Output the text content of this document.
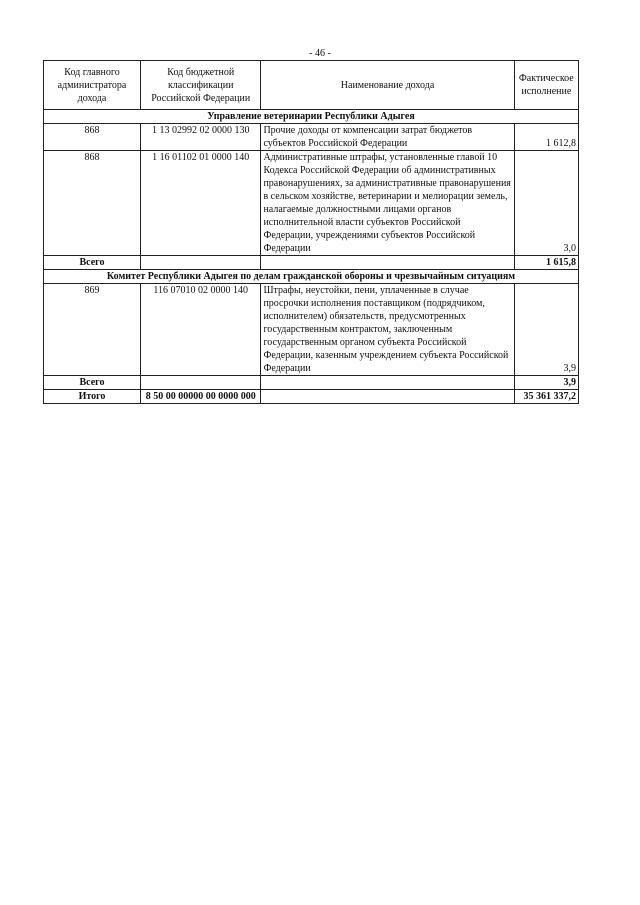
- 46 -
Код главного администратора дохода	Код бюджетной классификации Российской Федерации	Наименование дохода	Фактическое исполнение
Управление ветеринарии Республики Адыгея			
868	1 13 02992 02 0000 130	Прочие доходы от компенсации затрат бюджетов субъектов Российской Федерации	1 612,8
868	1 16 01102 01 0000 140	Административные штрафы, установленные главой 10 Кодекса Российской Федерации об административных правонарушениях, за административные правонарушения в сельском хозяйстве, ветеринарии и мелиорации земель, налагаемые должностными лицами органов исполнительной власти субъектов Российской Федерации, учреждениями субъектов Российской Федерации	3,0
Всего			1 615,8
Комитет Республики Адыгея по делам гражданской обороны и чрезвычайным ситуациям			
869	116 07010 02 0000 140	Штрафы, неустойки, пени, уплаченные в случае просрочки исполнения поставщиком (подрядчиком, исполнителем) обязательств, предусмотренных государственным контрактом, заключенным государственным органом субъекта Российской Федерации, казенным учреждением субъекта Российской Федерации	3,9
Всего			3,9
Итого	8 50 00 00000 00 0000 000		35 361 337,2
